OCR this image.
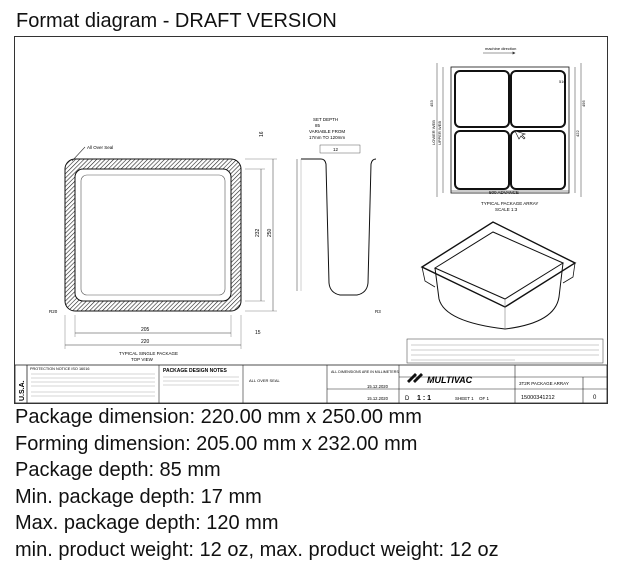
Format diagram - DRAFT VERSION
All Over Seal
205
220
15
R20
232 250
16
TYPICAL SINGLE PACKAGE
TOP VIEW
SET DEPTH
85
VARIABLE FROM
17mm TO 120mm
12
R3
machine direction
LOWER WEB UPPER WEB
453
422
495
500 ADVANCE
TYPICAL PACKAGE ARRAY
SCALE 1:3
510
U.S.A.
PROTECTION NOTICE ISO 16016	PACKAGE DESIGN NOTES
ALL OVER SEAL
ALL DIMENSIONS ARE IN MILLIMETERS
15.12.2020
15.12.2020	D 1 : 1	SHEET 1 OF 1
MULTIVAC	3T2R PACKAGE ARRAY
15000341212	0
Package dimension: 220.00 mm x 250.00 mm
Forming dimension: 205.00 mm x 232.00 mm
Package depth: 85 mm
Min. package depth: 17 mm
Max. package depth: 120 mm
min. product weight: 12 oz, max. product weight: 12 oz
